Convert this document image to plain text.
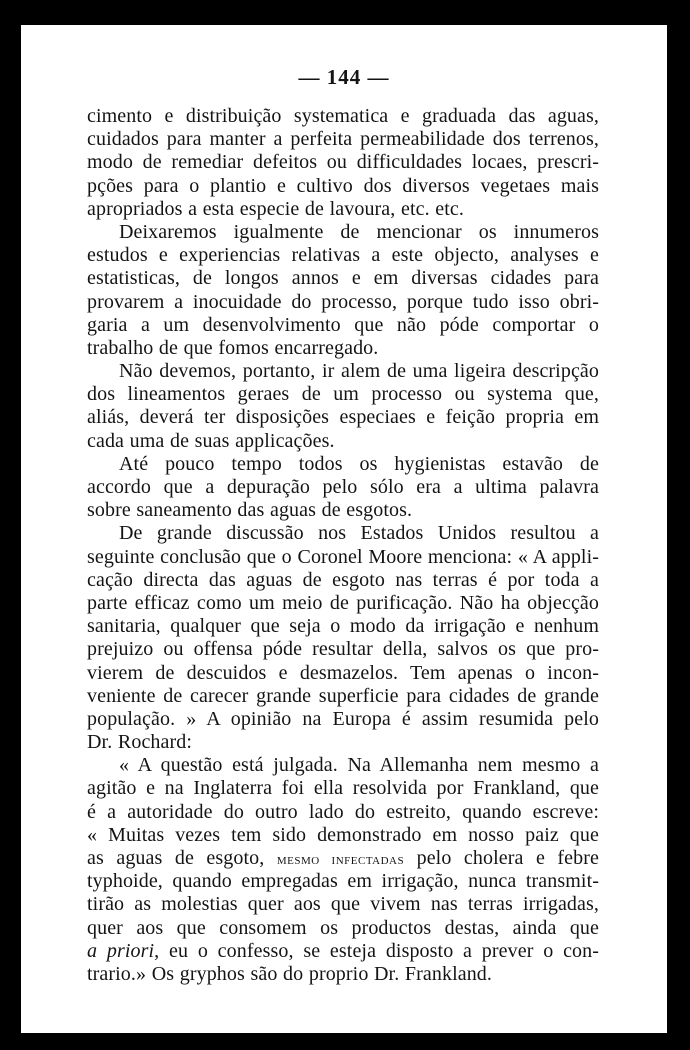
— 144 —
cimento e distribuição systematica e graduada das aguas,
cuidados para manter a perfeita permeabilidade dos terrenos,
modo de remediar defeitos ou difficuldades locaes, prescri-
pções para o plantio e cultivo dos diversos vegetaes mais
apropriados a esta especie de lavoura, etc. etc.
Deixaremos igualmente de mencionar os innumeros
estudos e experiencias relativas a este objecto, analyses e
estatisticas, de longos annos e em diversas cidades para
provarem a inocuidade do processo, porque tudo isso obri-
garia a um desenvolvimento que não póde comportar o
trabalho de que fomos encarregado.
Não devemos, portanto, ir alem de uma ligeira descripção
dos lineamentos geraes de um processo ou systema que,
aliás, deverá ter disposições especiaes e feição propria em
cada uma de suas applicações.
Até pouco tempo todos os hygienistas estavão de
accordo que a depuração pelo sólo era a ultima palavra
sobre saneamento das aguas de esgotos.
De grande discussão nos Estados Unidos resultou a
seguinte conclusão que o Coronel Moore menciona: « A appli-
cação directa das aguas de esgoto nas terras é por toda a
parte efficaz como um meio de purificação. Não ha objecção
sanitaria, qualquer que seja o modo da irrigação e nenhum
prejuizo ou offensa póde resultar della, salvos os que pro-
vierem de descuidos e desmazelos. Tem apenas o incon-
veniente de carecer grande superficie para cidades de grande
população. » A opinião na Europa é assim resumida pelo
Dr. Rochard:
« A questão está julgada. Na Allemanha nem mesmo a
agitão e na Inglaterra foi ella resolvida por Frankland, que
é a autoridade do outro lado do estreito, quando escreve:
« Muitas vezes tem sido demonstrado em nosso paiz que
as aguas de esgoto, mesmo infectadas pelo cholera e febre
typhoide, quando empregadas em irrigação, nunca transmit-
tirão as molestias quer aos que vivem nas terras irrigadas,
quer aos que consomem os productos destas, ainda que
a priori, eu o confesso, se esteja disposto a prever o con-
trario.» Os gryphos são do proprio Dr. Frankland.
